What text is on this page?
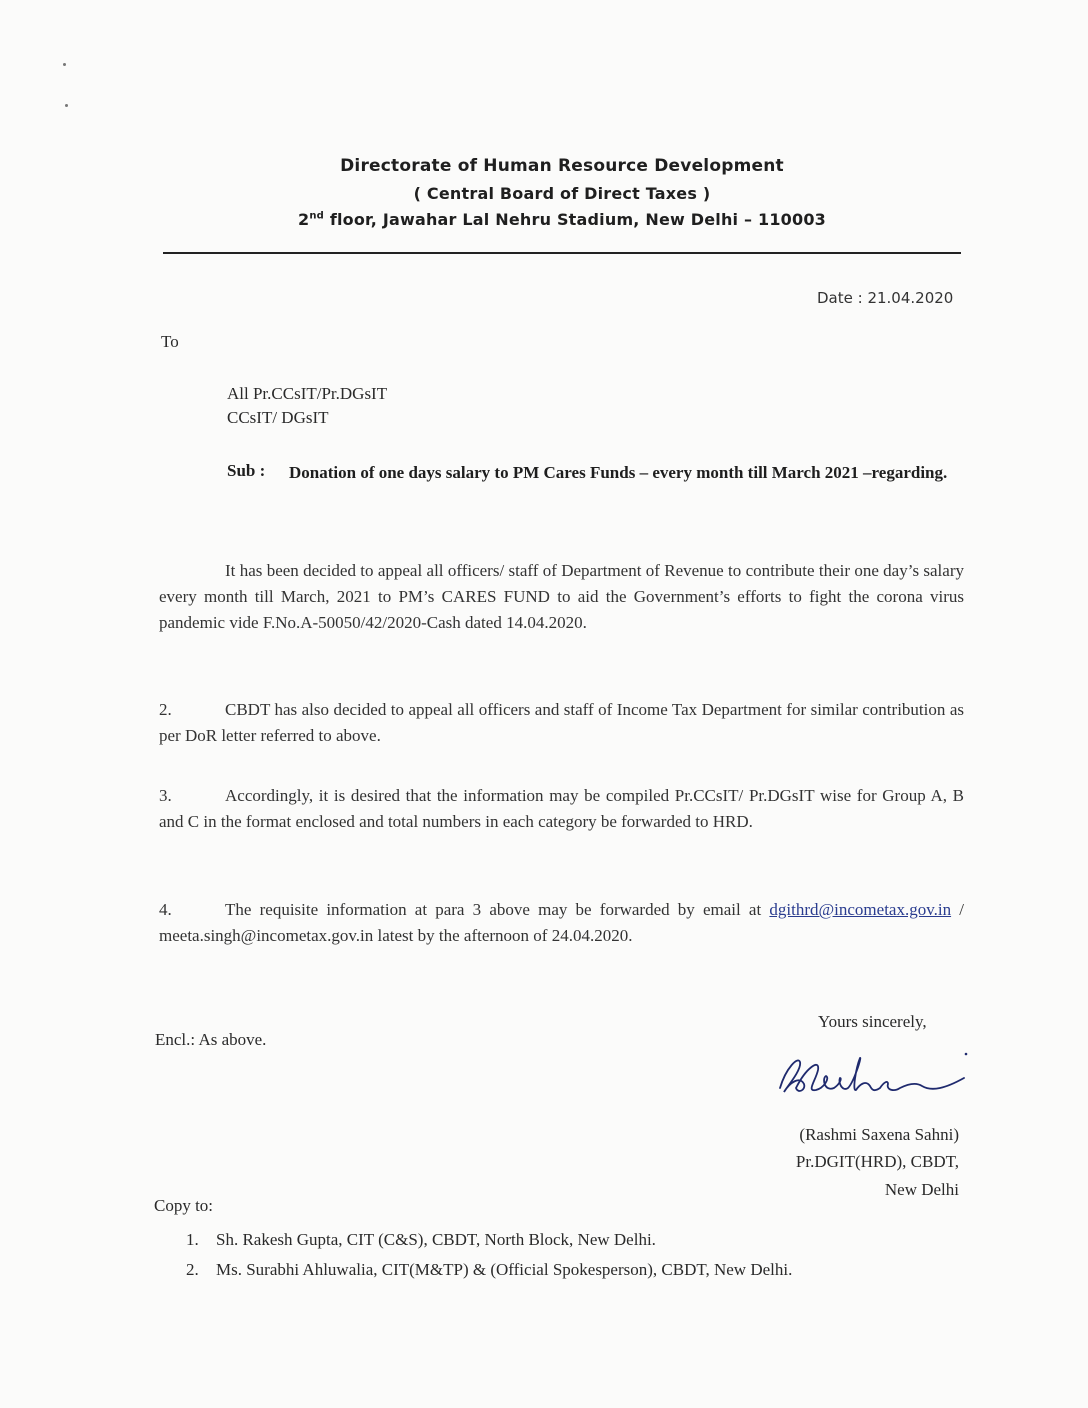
Directorate of Human Resource Development
( Central Board of Direct Taxes )
2nd floor, Jawahar Lal Nehru Stadium, New Delhi – 110003
Date : 21.04.2020
To
All Pr.CCsIT/Pr.DGsIT
CCsIT/ DGsIT
Sub : Donation of one days salary to PM Cares Funds – every month till March 2021 –regarding.
It has been decided to appeal all officers/ staff of Department of Revenue to contribute their one day’s salary every month till March, 2021 to PM’s CARES FUND to aid the Government’s efforts to fight the corona virus pandemic vide F.No.A-50050/42/2020-Cash dated 14.04.2020.
2.	CBDT has also decided to appeal all officers and staff of Income Tax Department for similar contribution as per DoR letter referred to above.
3.	Accordingly, it is desired that the information may be compiled Pr.CCsIT/ Pr.DGsIT wise for Group A, B and C in the format enclosed and total numbers in each category be forwarded to HRD.
4.	The requisite information at para 3 above may be forwarded by email at dgithrd@incometax.gov.in / meeta.singh@incometax.gov.in latest by the afternoon of 24.04.2020.
Encl.: As above.
Yours sincerely,
(Rashmi Saxena Sahni)
Pr.DGIT(HRD), CBDT,
New Delhi
Copy to:
1. Sh. Rakesh Gupta, CIT (C&S), CBDT, North Block, New Delhi.
2. Ms. Surabhi Ahluwalia, CIT(M&TP) & (Official Spokesperson), CBDT, New Delhi.
